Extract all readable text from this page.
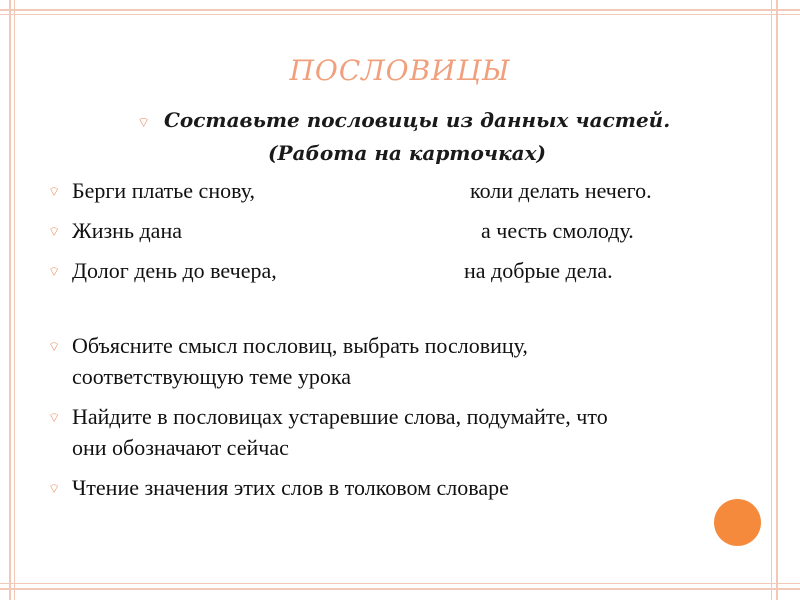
ПОСЛОВИЦЫ
⌔ Составьте пословицы из данных частей.
(Работа на карточках)
⌔ Берги платье снову,	коли делать нечего.
⌔ Жизнь дана	а честь смолоду.
⌔ Долог день до вечера,	на добрые дела.
⌔ Объясните смысл пословиц, выбрать пословицу,
соответствующую теме урока
⌔ Найдите в пословицах устаревшие слова, подумайте, что
они обозначают сейчас
⌔ Чтение значения этих слов в толковом словаре
